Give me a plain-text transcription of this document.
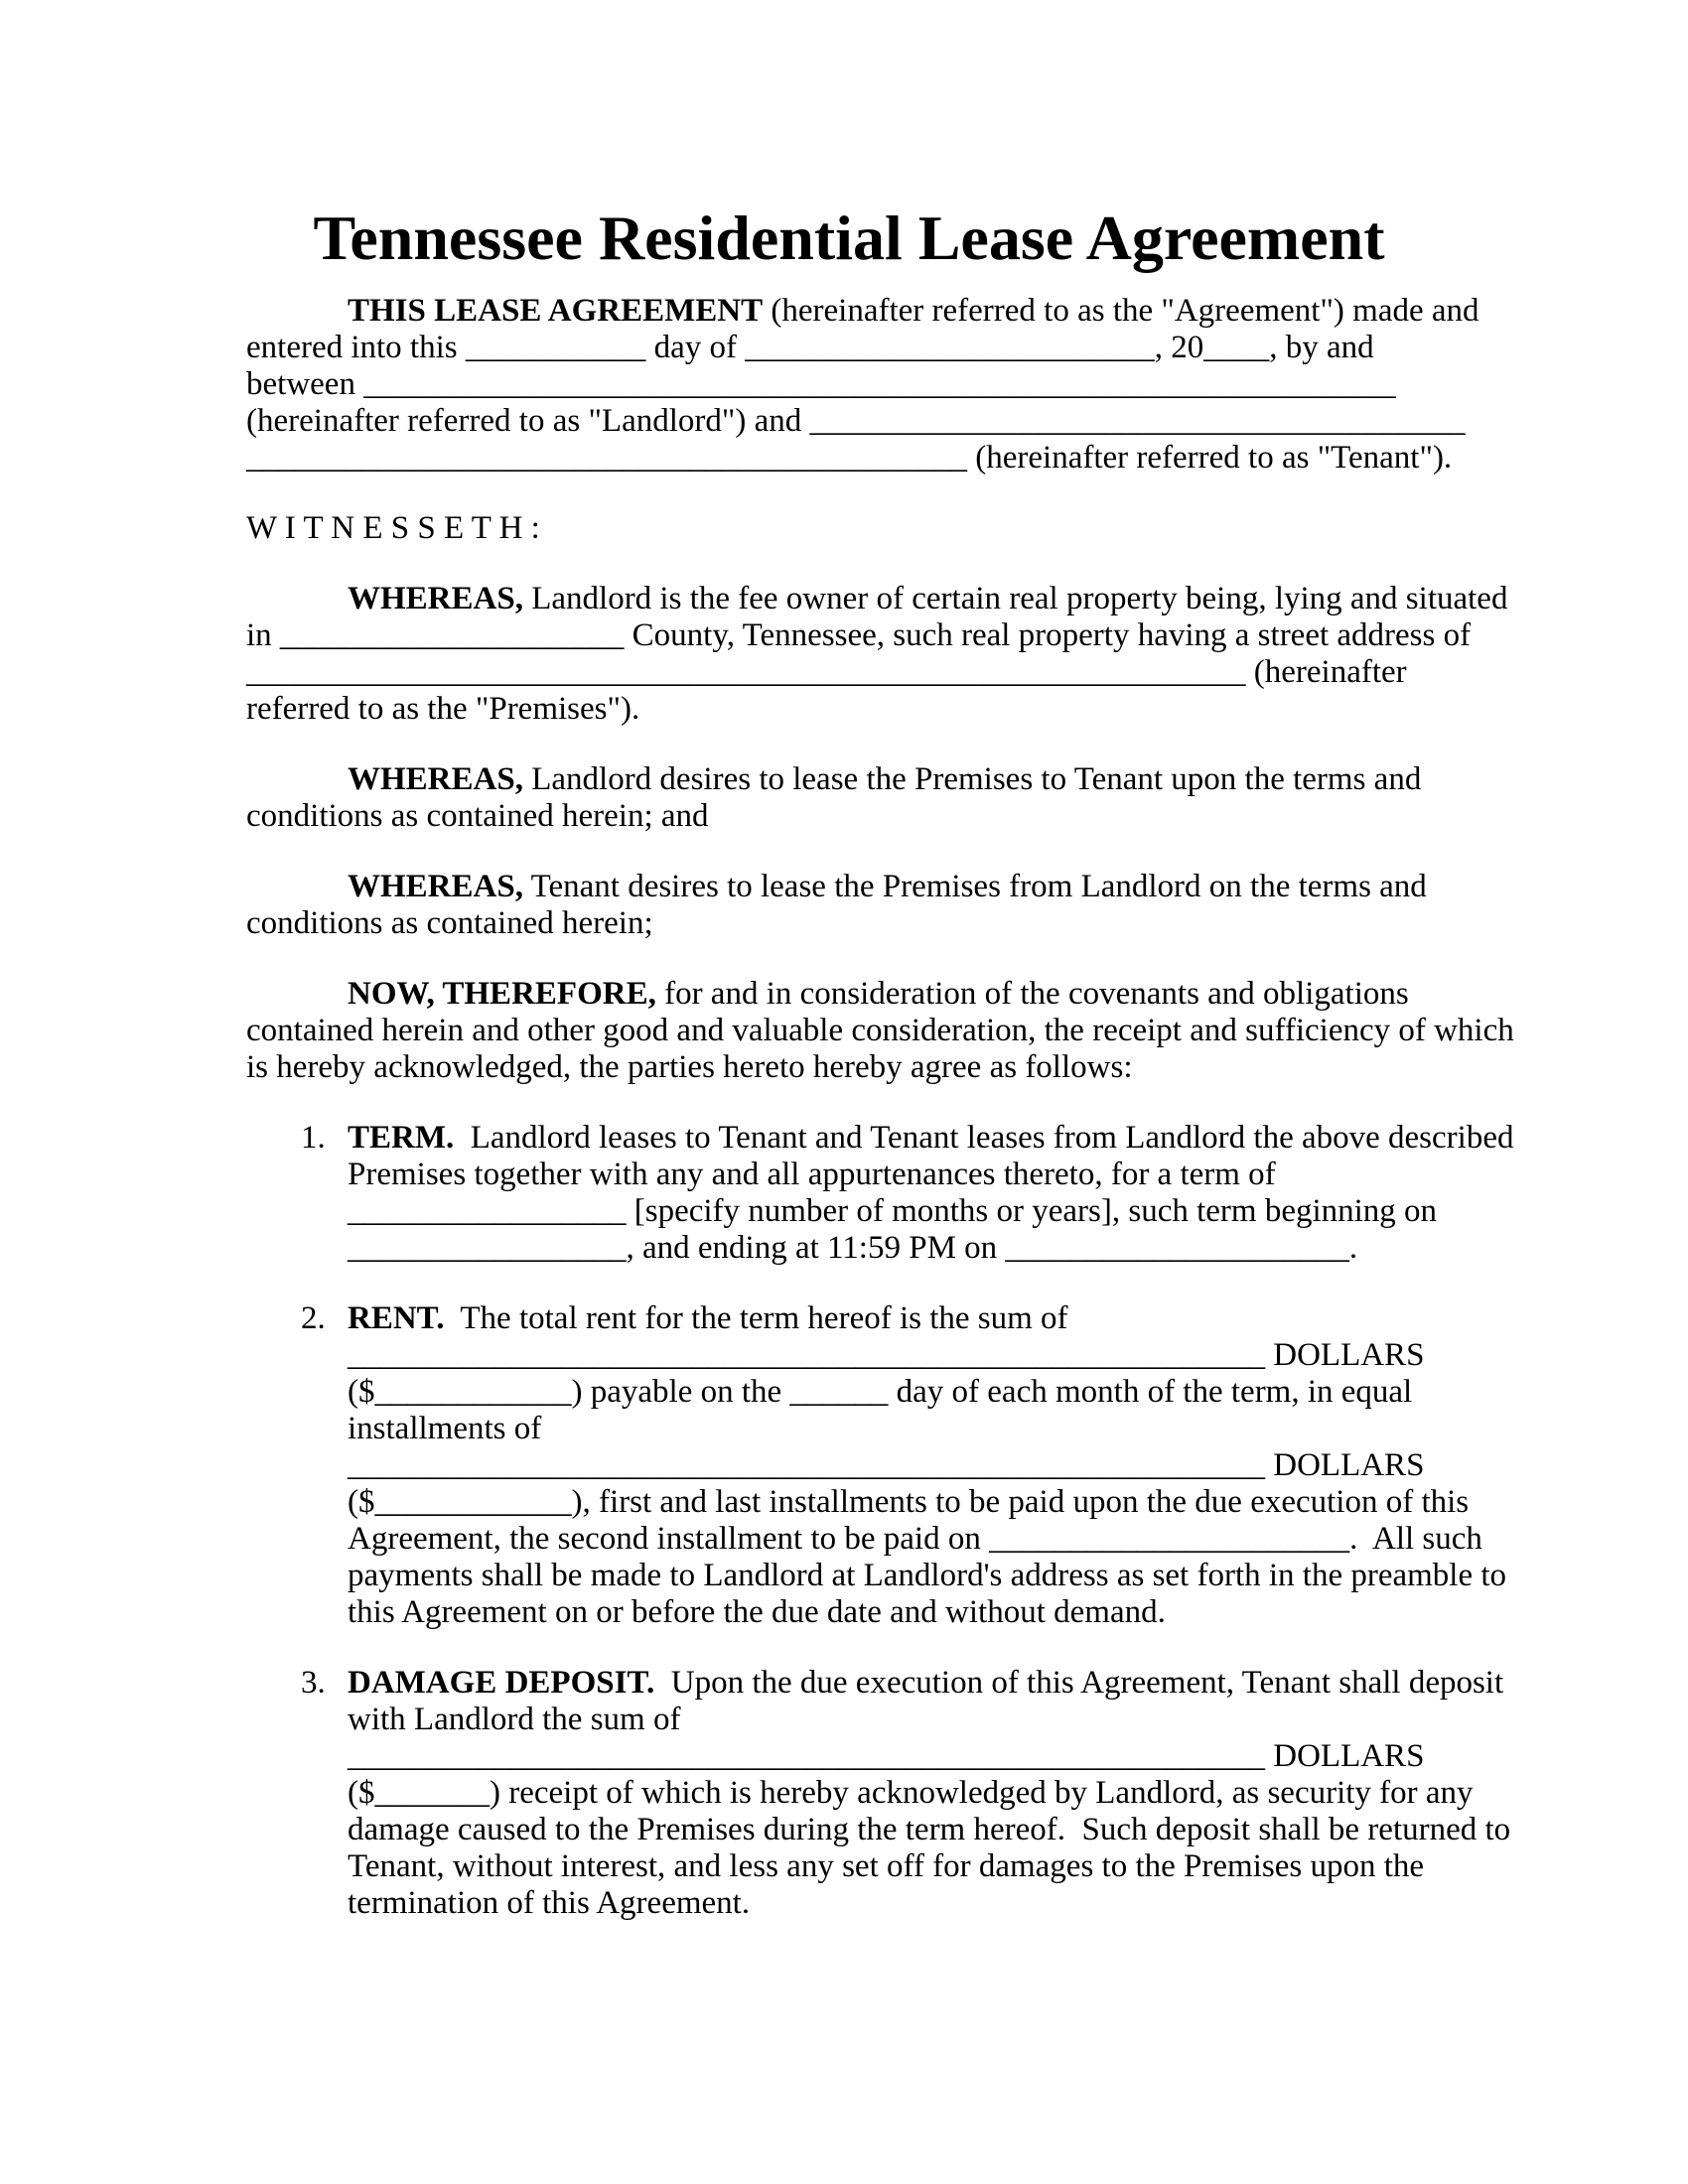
Tennessee Residential Lease Agreement
THIS LEASE AGREEMENT (hereinafter referred to as the "Agreement") made and
entered into this ___________ day of _________________________, 20____, by and
between _______________________________________________________________
(hereinafter referred to as "Landlord") and ________________________________________
____________________________________________ (hereinafter referred to as "Tenant").
W I T N E S S E T H :
WHEREAS, Landlord is the fee owner of certain real property being, lying and situated
in _____________________ County, Tennessee, such real property having a street address of
_____________________________________________________________ (hereinafter
referred to as the "Premises").
WHEREAS, Landlord desires to lease the Premises to Tenant upon the terms and
conditions as contained herein; and
WHEREAS, Tenant desires to lease the Premises from Landlord on the terms and
conditions as contained herein;
NOW, THEREFORE, for and in consideration of the covenants and obligations
contained herein and other good and valuable consideration, the receipt and sufficiency of which
is hereby acknowledged, the parties hereto hereby agree as follows:
1. TERM.  Landlord leases to Tenant and Tenant leases from Landlord the above described
Premises together with any and all appurtenances thereto, for a term of
_________________ [specify number of months or years], such term beginning on
_________________, and ending at 11:59 PM on _____________________.
2. RENT.  The total rent for the term hereof is the sum of
________________________________________________________ DOLLARS
($____________) payable on the ______ day of each month of the term, in equal
installments of
________________________________________________________ DOLLARS
($____________), first and last installments to be paid upon the due execution of this
Agreement, the second installment to be paid on ______________________.  All such
payments shall be made to Landlord at Landlord's address as set forth in the preamble to
this Agreement on or before the due date and without demand.
3. DAMAGE DEPOSIT.  Upon the due execution of this Agreement, Tenant shall deposit
with Landlord the sum of
________________________________________________________ DOLLARS
($_______) receipt of which is hereby acknowledged by Landlord, as security for any
damage caused to the Premises during the term hereof.  Such deposit shall be returned to
Tenant, without interest, and less any set off for damages to the Premises upon the
termination of this Agreement.
